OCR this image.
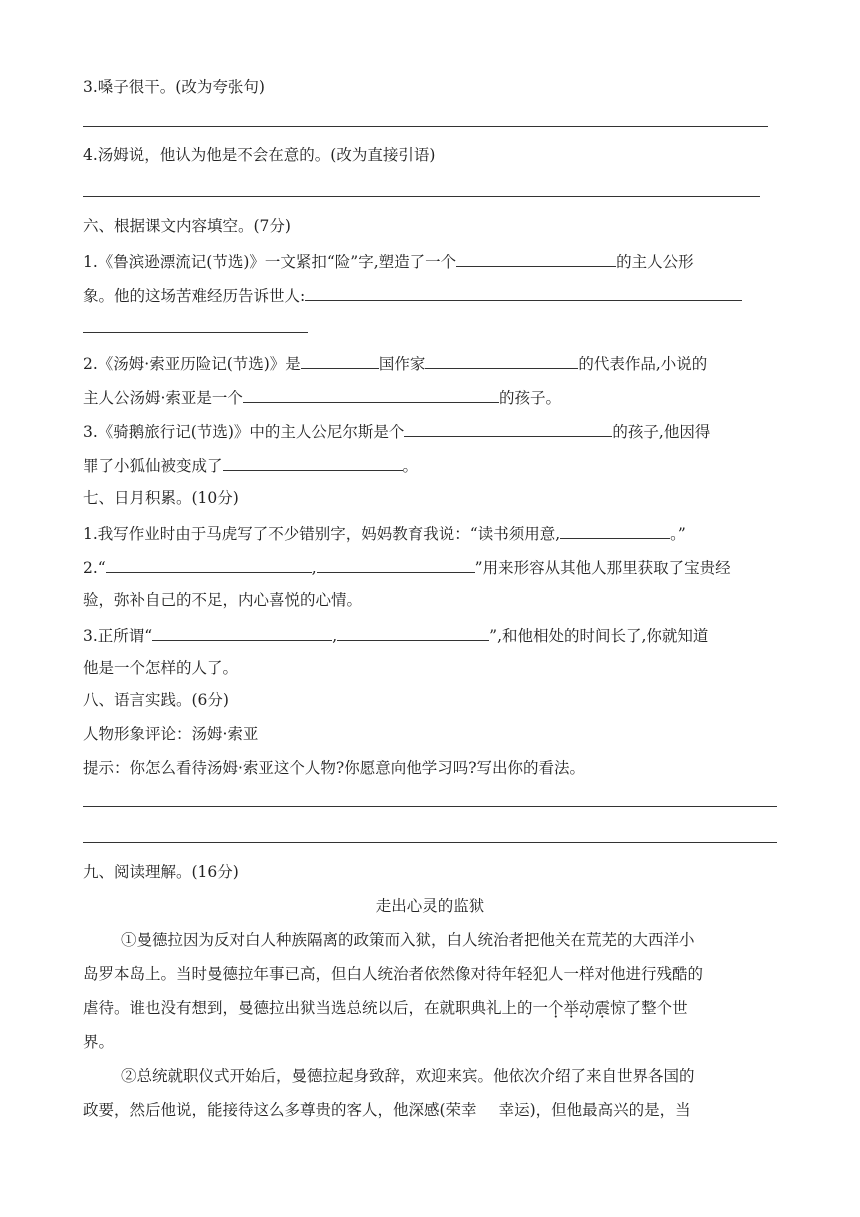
3.嗓子很干。(改为夸张句)
4.汤姆说，他认为他是不会在意的。(改为直接引语)
六、根据课文内容填空。(7分)
1.《鲁滨逊漂流记(节选)》一文紧扣“险”字,塑造了一个	的主人公形
象。他的这场苦难经历告诉世人:
2.《汤姆·索亚历险记(节选)》是	国作家	的代表作品,小说的
主人公汤姆·索亚是一个	的孩子。
3.《骑鹅旅行记(节选)》中的主人公尼尔斯是个	的孩子,他因得
罪了小狐仙被变成了	。
七、日月积累。(10分)
1.我写作业时由于马虎写了不少错别字，妈妈教育我说：“读书须用意,	。”
2.“	,	”用来形容从其他人那里获取了宝贵经
验，弥补自己的不足，内心喜悦的心情。
3.正所谓“	,	”,和他相处的时间长了,你就知道
他是一个怎样的人了。
八、语言实践。(6分)
人物形象评论：汤姆·索亚
提示：你怎么看待汤姆·索亚这个人物?你愿意向他学习吗?写出你的看法。
九、阅读理解。(16分)
走出心灵的监狱
①曼德拉因为反对白人种族隔离的政策而入狱，白人统治者把他关在荒芜的大西洋小
岛罗本岛上。当时曼德拉年事已高，但白人统治者依然像对待年轻犯人一样对他进行残酷的
虐待。谁也没有想到，曼德拉出狱当选总统以后，在就职典礼上的一个举动震惊了整个世
界。
②总统就职仪式开始后，曼德拉起身致辞，欢迎来宾。他依次介绍了来自世界各国的
政要，然后他说，能接待这么多尊贵的客人，他深感(荣幸 幸运)，但他最高兴的是，当
